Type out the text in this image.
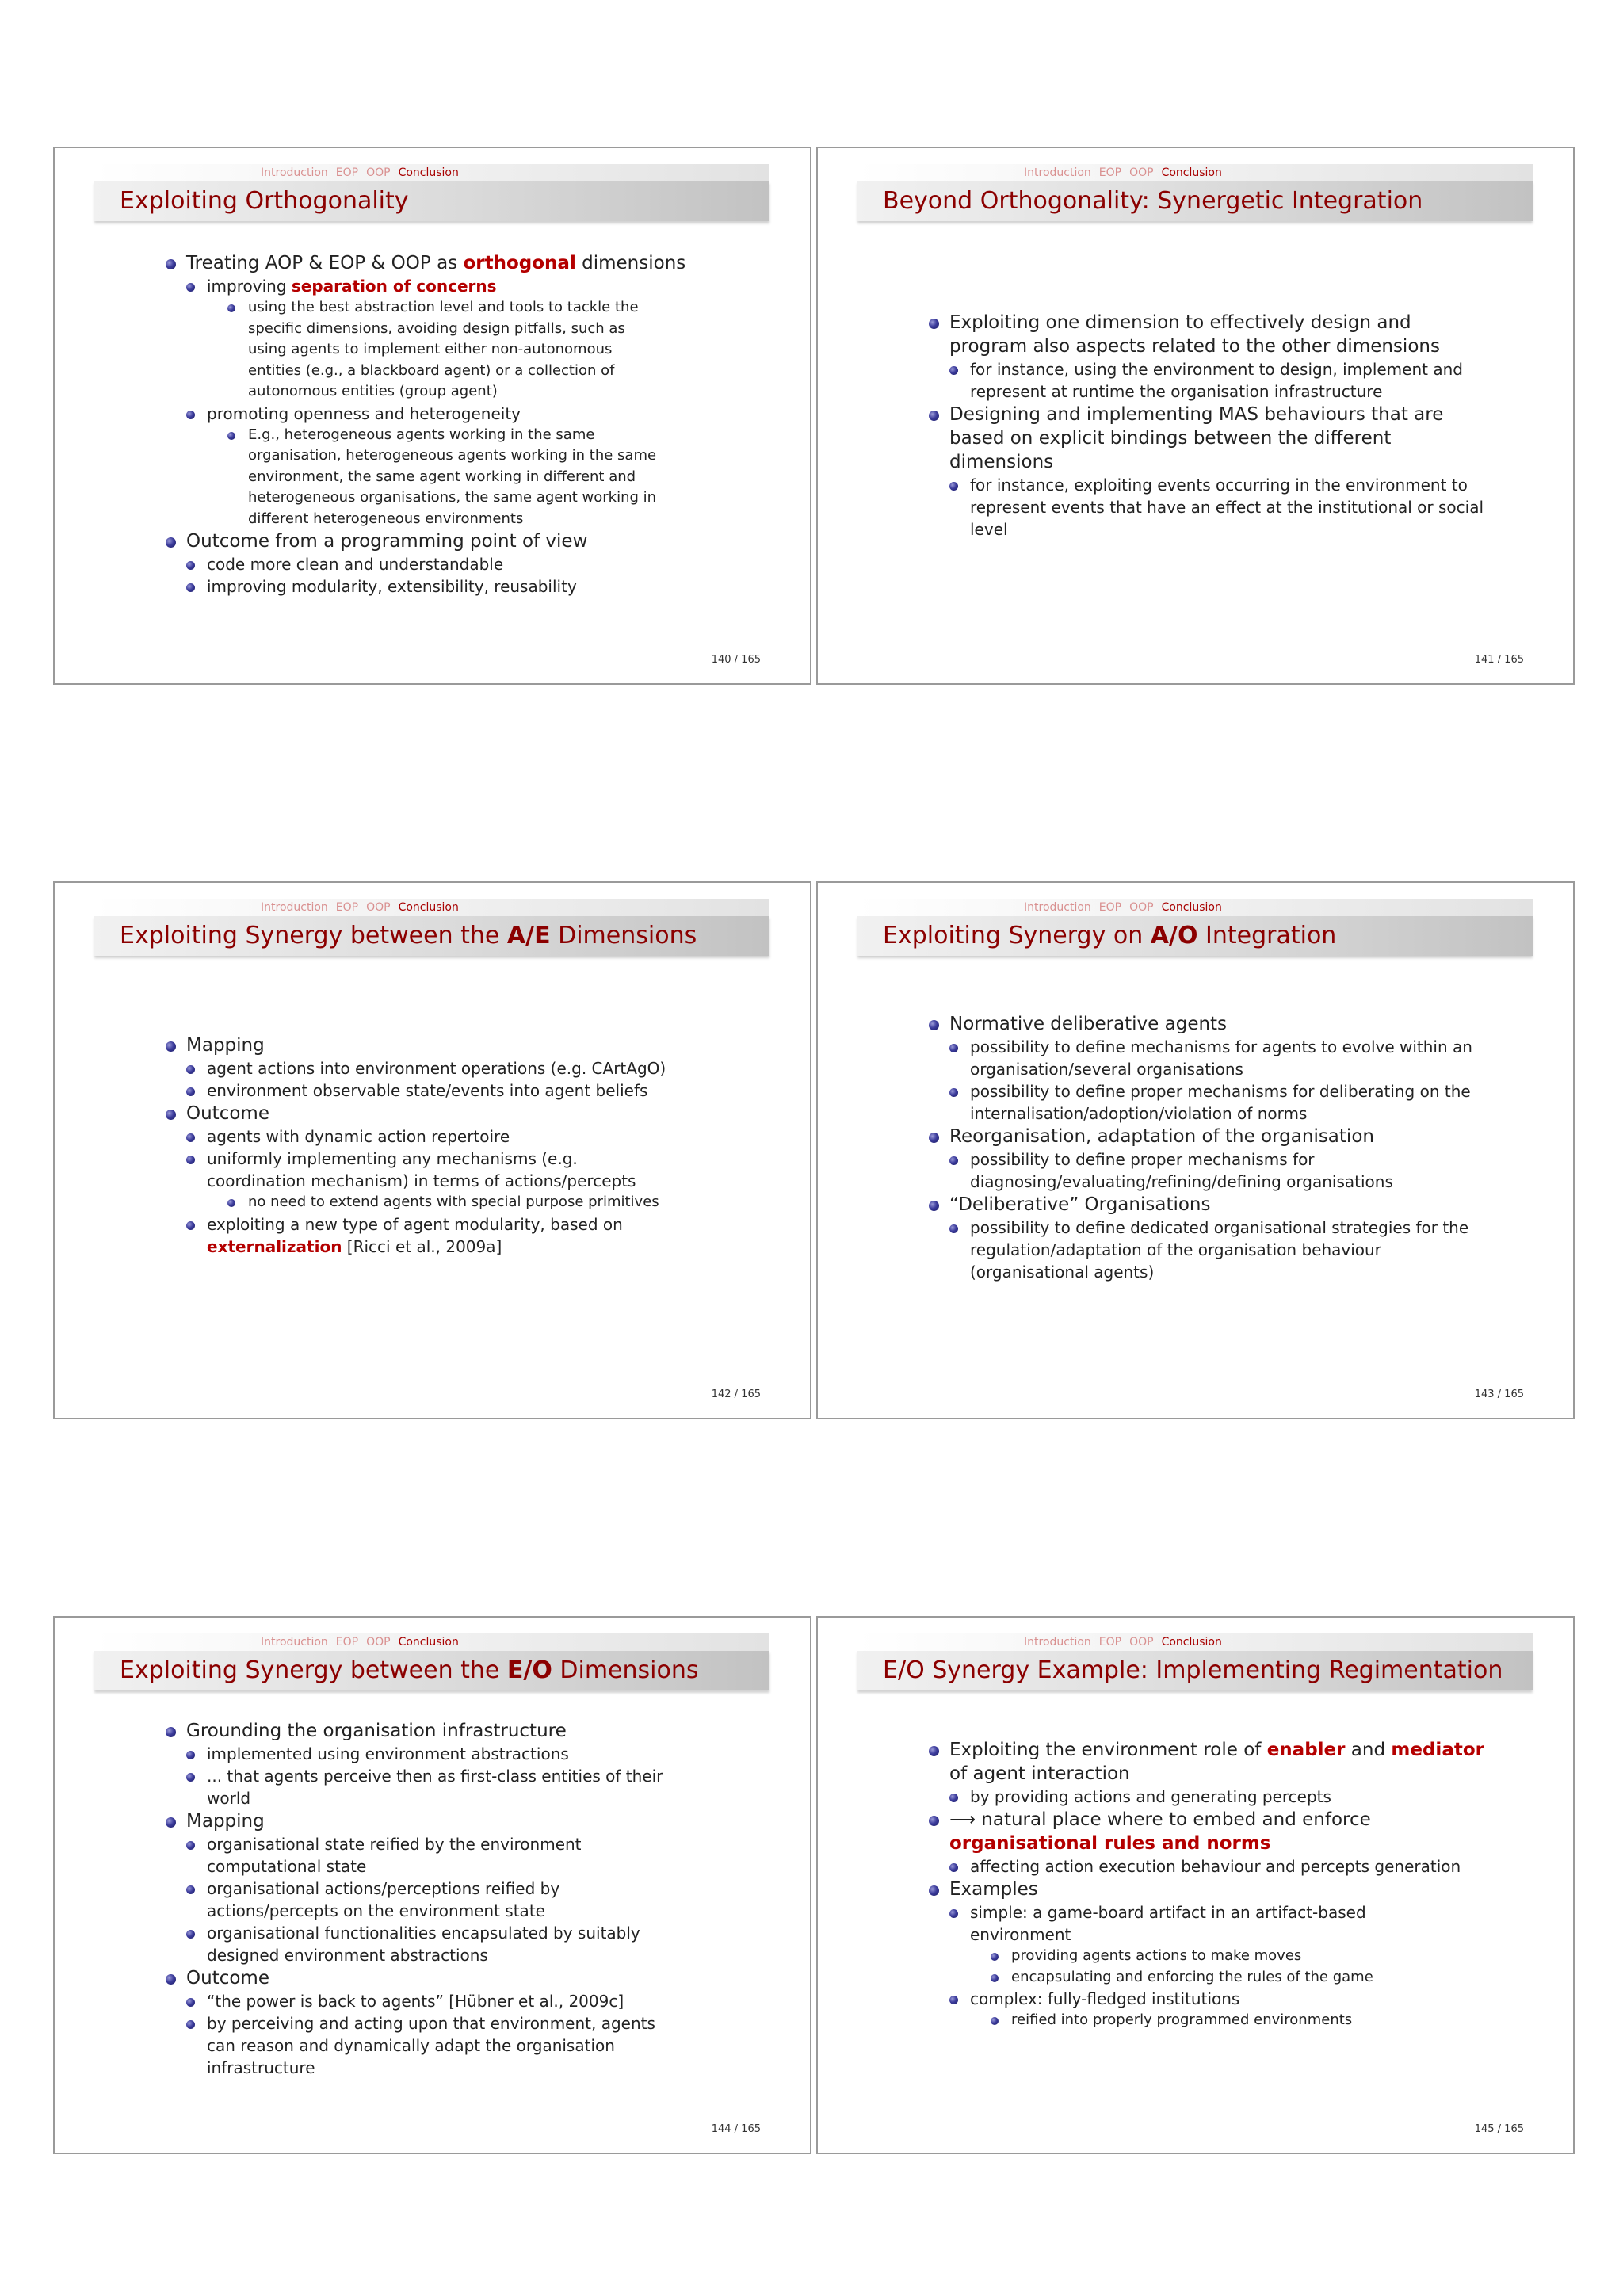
Introduction EOP OOP Conclusion
Exploiting Orthogonality
Treating AOP & EOP & OOP as orthogonal dimensions
improving separation of concerns
using the best abstraction level and tools to tackle the specific dimensions, avoiding design pitfalls, such as using agents to implement either non-autonomous entities (e.g., a blackboard agent) or a collection of autonomous entities (group agent)
promoting openness and heterogeneity
E.g., heterogeneous agents working in the same organisation, heterogeneous agents working in the same environment, the same agent working in different and heterogeneous organisations, the same agent working in different heterogeneous environments
Outcome from a programming point of view
code more clean and understandable
improving modularity, extensibility, reusability
140 / 165
Introduction EOP OOP Conclusion
Beyond Orthogonality: Synergetic Integration
Exploiting one dimension to effectively design and program also aspects related to the other dimensions
for instance, using the environment to design, implement and represent at runtime the organisation infrastructure
Designing and implementing MAS behaviours that are based on explicit bindings between the different dimensions
for instance, exploiting events occurring in the environment to represent events that have an effect at the institutional or social level
141 / 165
Introduction EOP OOP Conclusion
Exploiting Synergy between the A/E Dimensions
Mapping
agent actions into environment operations (e.g. CArtAgO)
environment observable state/events into agent beliefs
Outcome
agents with dynamic action repertoire
uniformly implementing any mechanisms (e.g. coordination mechanism) in terms of actions/percepts
no need to extend agents with special purpose primitives
exploiting a new type of agent modularity, based on externalization [Ricci et al., 2009a]
142 / 165
Introduction EOP OOP Conclusion
Exploiting Synergy on A/O Integration
Normative deliberative agents
possibility to define mechanisms for agents to evolve within an organisation/several organisations
possibility to define proper mechanisms for deliberating on the internalisation/adoption/violation of norms
Reorganisation, adaptation of the organisation
possibility to define proper mechanisms for diagnosing/evaluating/refining/defining organisations
“Deliberative” Organisations
possibility to define dedicated organisational strategies for the regulation/adaptation of the organisation behaviour (organisational agents)
143 / 165
Introduction EOP OOP Conclusion
Exploiting Synergy between the E/O Dimensions
Grounding the organisation infrastructure
implemented using environment abstractions
... that agents perceive then as first-class entities of their world
Mapping
organisational state reified by the environment computational state
organisational actions/perceptions reified by actions/percepts on the environment state
organisational functionalities encapsulated by suitably designed environment abstractions
Outcome
“the power is back to agents” [Hübner et al., 2009c]
by perceiving and acting upon that environment, agents can reason and dynamically adapt the organisation infrastructure
144 / 165
Introduction EOP OOP Conclusion
E/O Synergy Example: Implementing Regimentation
Exploiting the environment role of enabler and mediator of agent interaction
by providing actions and generating percepts
⟶ natural place where to embed and enforce organisational rules and norms
affecting action execution behaviour and percepts generation
Examples
simple: a game-board artifact in an artifact-based environment
providing agents actions to make moves
encapsulating and enforcing the rules of the game
complex: fully-fledged institutions
reified into properly programmed environments
145 / 165
